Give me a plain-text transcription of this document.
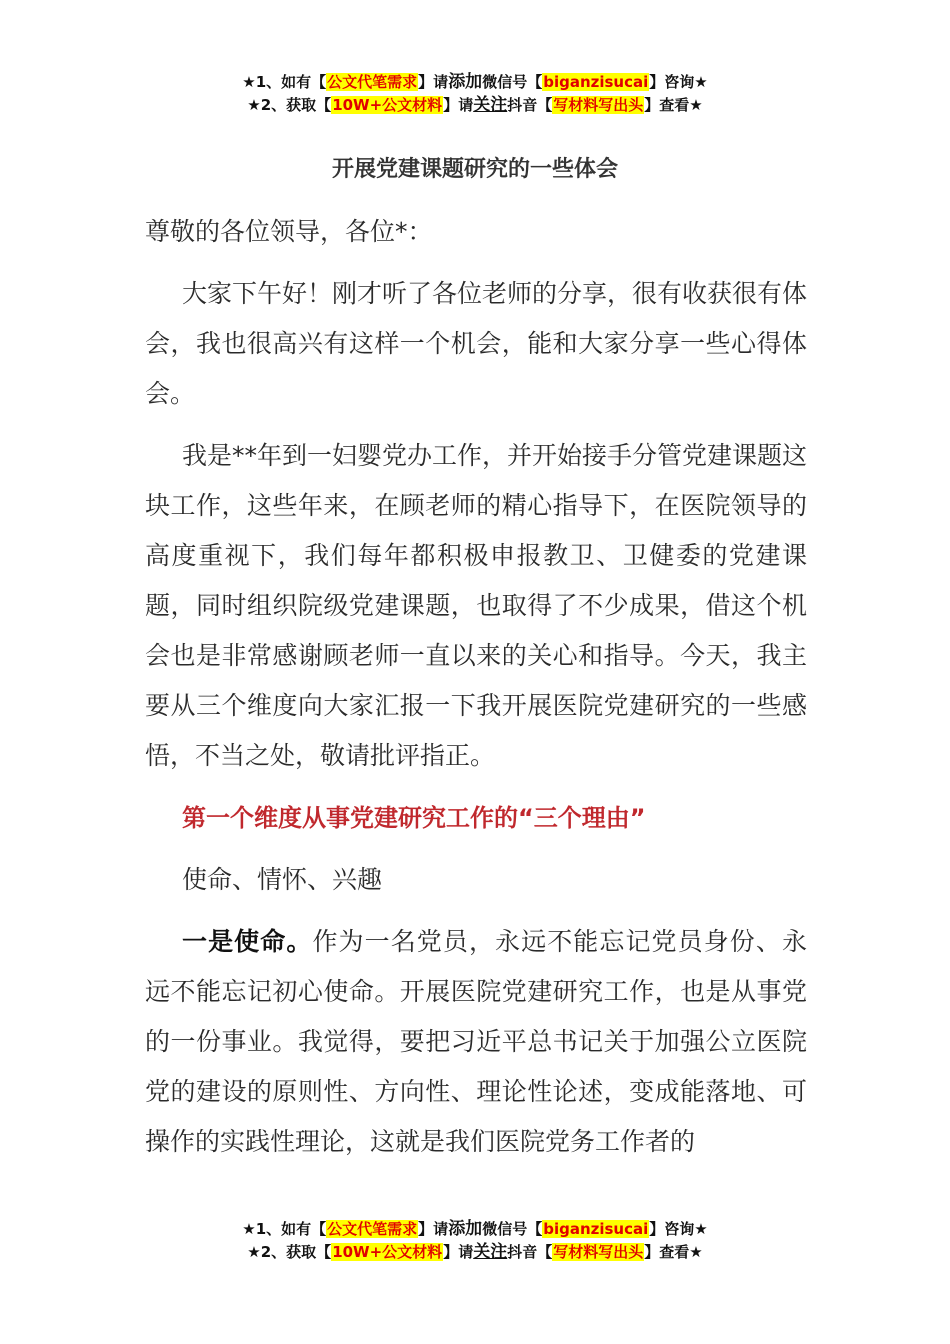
★1、如有【公文代笔需求】请添加微信号【biganzisucai】咨询★
★2、获取【10W+公文材料】请关注抖音【写材料写出头】查看★
开展党建课题研究的一些体会

尊敬的各位领导，各位*：

大家下午好！刚才听了各位老师的分享，很有收获很有体会，我也很高兴有这样一个机会，能和大家分享一些心得体会。

我是**年到一妇婴党办工作，并开始接手分管党建课题这块工作，这些年来，在顾老师的精心指导下，在医院领导的高度重视下，我们每年都积极申报教卫、卫健委的党建课题，同时组织院级党建课题，也取得了不少成果，借这个机会也是非常感谢顾老师一直以来的关心和指导。今天，我主要从三个维度向大家汇报一下我开展医院党建研究的一些感悟，不当之处，敬请批评指正。

第一个维度从事党建研究工作的“三个理由”

使命、情怀、兴趣

一是使命。作为一名党员，永远不能忘记党员身份、永远不能忘记初心使命。开展医院党建研究工作，也是从事党的一份事业。我觉得，要把习近平总书记关于加强公立医院党的建设的原则性、方向性、理论性论述，变成能落地、可操作的实践性理论，这就是我们医院党务工作者的

★1、如有【公文代笔需求】请添加微信号【biganzisucai】咨询★
★2、获取【10W+公文材料】请关注抖音【写材料写出头】查看★
